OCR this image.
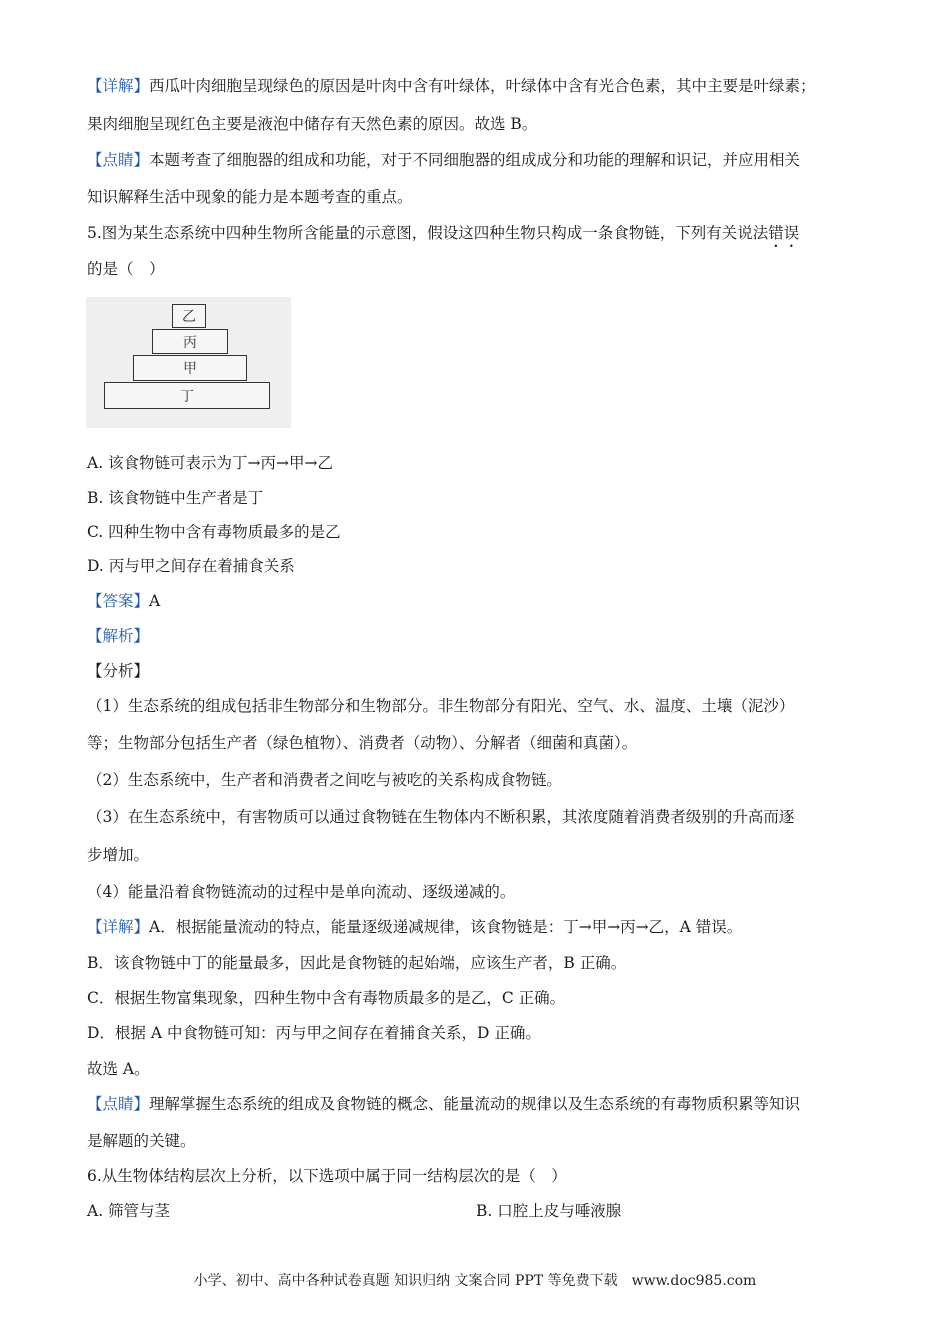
【详解】西瓜叶肉细胞呈现绿色的原因是叶肉中含有叶绿体，叶绿体中含有光合色素，其中主要是叶绿素；
果肉细胞呈现红色主要是液泡中储存有天然色素的原因。故选 B。
【点睛】本题考查了细胞器的组成和功能，对于不同细胞器的组成成分和功能的理解和识记，并应用相关
知识解释生活中现象的能力是本题考查的重点。
5.图为某生态系统中四种生物所含能量的示意图，假设这四种生物只构成一条食物链，下列有关说法错误
的是（　）
乙
丙
甲
丁
A. 该食物链可表示为丁→丙→甲→乙
B. 该食物链中生产者是丁
C. 四种生物中含有毒物质最多的是乙
D. 丙与甲之间存在着捕食关系
【答案】A
【解析】
【分析】
（1）生态系统的组成包括非生物部分和生物部分。非生物部分有阳光、空气、水、温度、土壤（泥沙）
等；生物部分包括生产者（绿色植物）、消费者（动物）、分解者（细菌和真菌）。
（2）生态系统中，生产者和消费者之间吃与被吃的关系构成食物链。
（3）在生态系统中，有害物质可以通过食物链在生物体内不断积累，其浓度随着消费者级别的升高而逐
步增加。
（4）能量沿着食物链流动的过程中是单向流动、逐级递减的。
【详解】A．根据能量流动的特点，能量逐级递减规律，该食物链是：丁→甲→丙→乙，A 错误。
B．该食物链中丁的能量最多，因此是食物链的起始端，应该生产者，B 正确。
C．根据生物富集现象，四种生物中含有毒物质最多的是乙，C 正确。
D．根据 A 中食物链可知：丙与甲之间存在着捕食关系，D 正确。
故选 A。
【点睛】理解掌握生态系统的组成及食物链的概念、能量流动的规律以及生态系统的有毒物质积累等知识
是解题的关键。
6.从生物体结构层次上分析，以下选项中属于同一结构层次的是（　）
A. 筛管与茎	B. 口腔上皮与唾液腺
小学、初中、高中各种试卷真题 知识归纳 文案合同 PPT 等免费下载　www.doc985.com
